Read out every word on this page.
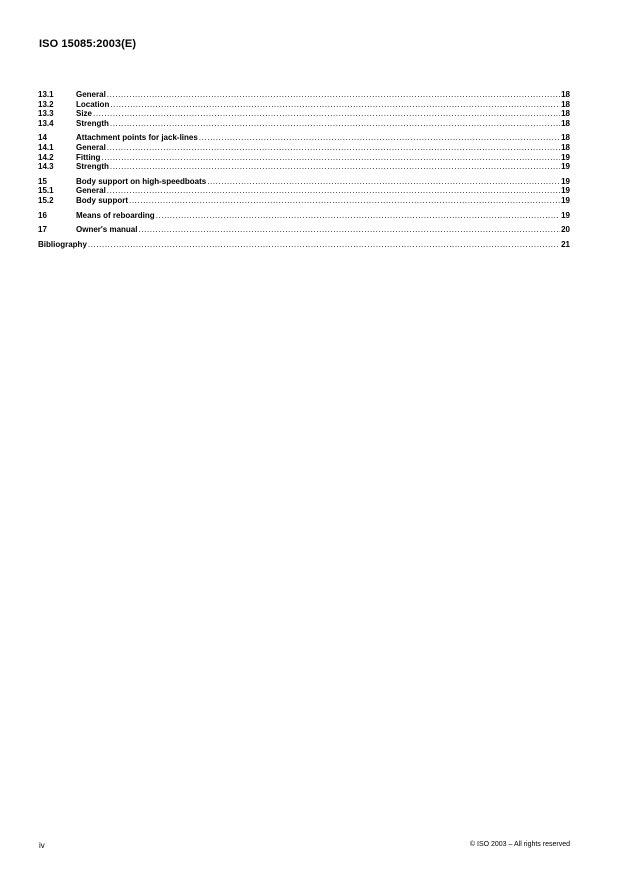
ISO 15085:2003(E)
13.1	General .....	18
13.2	Location .....	18
13.3	Size .....	18
13.4	Strength .....	18
14	Attachment points for jack-lines .....	18
14.1	General .....	18
14.2	Fitting .....	19
14.3	Strength .....	19
15	Body support on high-speedboats .....	19
15.1	General .....	19
15.2	Body support .....	19
16	Means of reboarding .....	19
17	Owner's manual .....	20
Bibliography .....	21
iv	© ISO 2003 – All rights reserved
